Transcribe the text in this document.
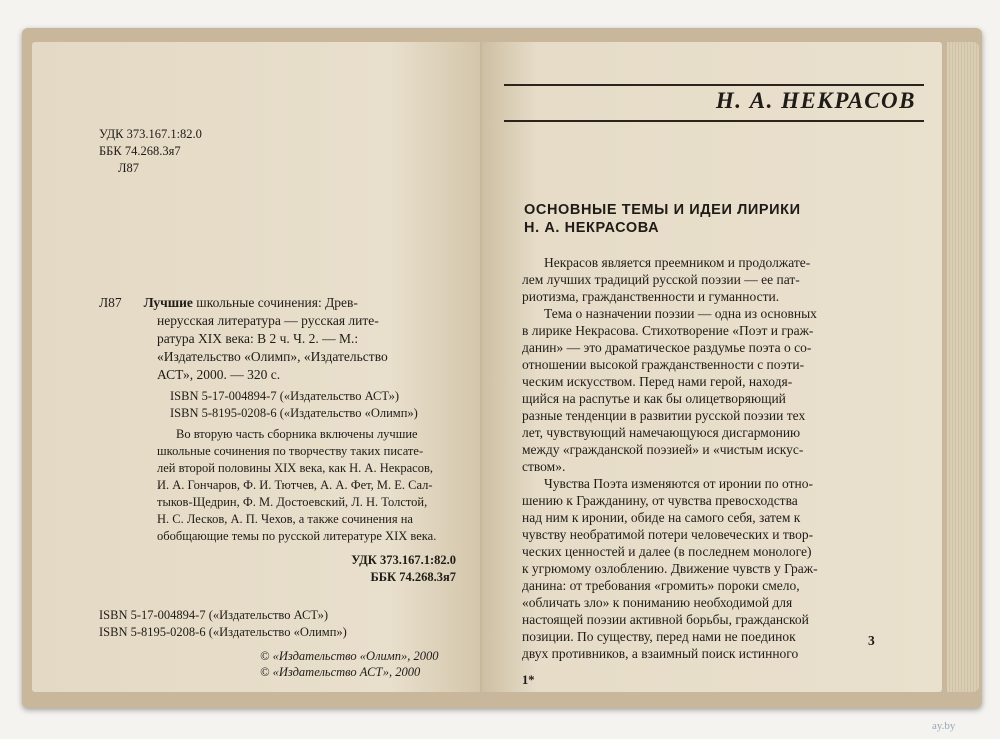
УДК 373.167.1:82.0
ББК 74.268.3я7
Л87
Л87 Лучшие школьные сочинения: Древ-
нерусская литература — русская лите-
ратура XIX века: В 2 ч. Ч. 2. — М.:
«Издательство «Олимп», «Издательство
АСТ», 2000. — 320 с.
ISBN 5-17-004894-7 («Издательство АСТ»)
ISBN 5-8195-0208-6 («Издательство «Олимп»)
Во вторую часть сборника включены лучшие
школьные сочинения по творчеству таких писате-
лей второй половины XIX века, как Н. А. Некрасов,
И. А. Гончаров, Ф. И. Тютчев, А. А. Фет, М. Е. Сал-
тыков-Щедрин, Ф. М. Достоевский, Л. Н. Толстой,
Н. С. Лесков, А. П. Чехов, а также сочинения на
обобщающие темы по русской литературе XIX века.
УДК 373.167.1:82.0
ББК 74.268.3я7
ISBN 5-17-004894-7 («Издательство АСТ»)
ISBN 5-8195-0208-6 («Издательство «Олимп»)
© «Издательство «Олимп», 2000
© «Издательство АСТ», 2000
Н. А. НЕКРАСОВ
ОСНОВНЫЕ ТЕМЫ И ИДЕИ ЛИРИКИ
Н. А. НЕКРАСОВА
Некрасов является преемником и продолжате-
лем лучших традиций русской поэзии — ее пат-
риотизма, гражданственности и гуманности.
Тема о назначении поэзии — одна из основных
в лирике Некрасова. Стихотворение «Поэт и граж-
данин» — это драматическое раздумье поэта о со-
отношении высокой гражданственности с поэти-
ческим искусством. Перед нами герой, находя-
щийся на распутье и как бы олицетворяющий
разные тенденции в развитии русской поэзии тех
лет, чувствующий намечающуюся дисгармонию
между «гражданской поэзией» и «чистым искус-
ством».
Чувства Поэта изменяются от иронии по отно-
шению к Гражданину, от чувства превосходства
над ним к иронии, обиде на самого себя, затем к
чувству необратимой потери человеческих и твор-
ческих ценностей и далее (в последнем монологе)
к угрюмому озлоблению. Движение чувств у Граж-
данина: от требования «громить» пороки смело,
«обличать зло» к пониманию необходимой для
настоящей поэзии активной борьбы, гражданской
позиции. По существу, перед нами не поединок
двух противников, а взаимный поиск истинного
3
1*
ay.by
